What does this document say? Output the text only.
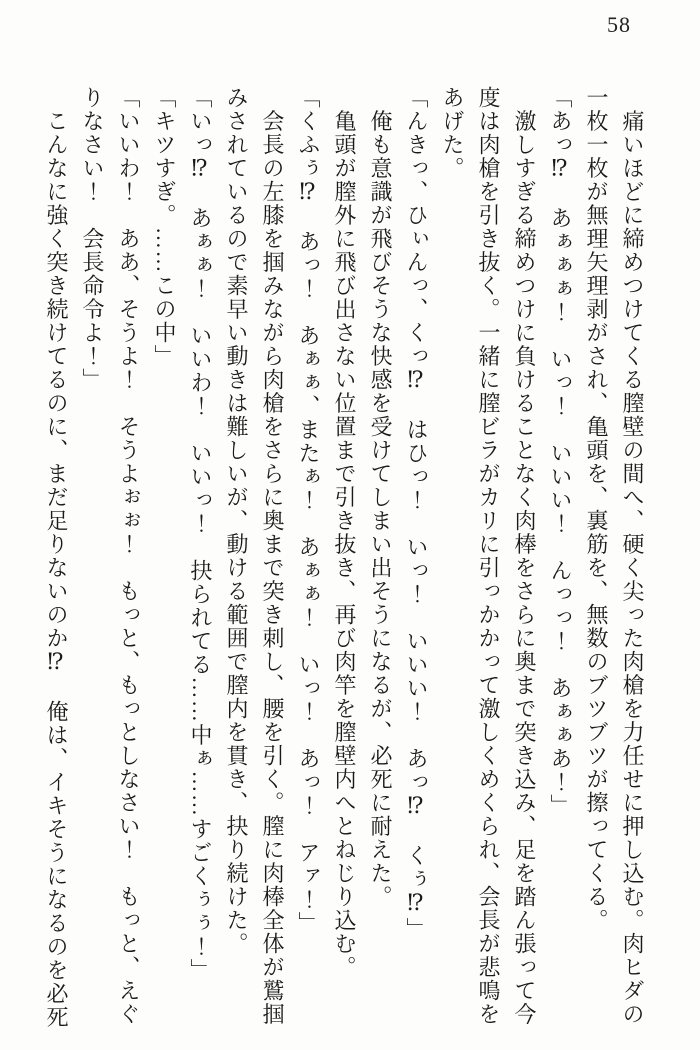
58

　痛いほどに締めつけてくる膣壁の間へ、硬く尖った肉槍を力任せに押し込む。肉ヒダの

一枚一枚が無理矢理剥がされ、亀頭を、裏筋を、無数のブツブツが擦ってくる。

「あっ⁉　あぁぁぁ！　いっ！　いいい！　んっっ！　あぁぁあ！」

　激しすぎる締めつけに負けることなく肉棒をさらに奥まで突き込み、足を踏ん張って今

度は肉槍を引き抜く。一緒に膣ビラがカリに引っかかって激しくめくられ、会長が悲鳴を

あげた。

「んきっ、ひぃんっ、くっ⁉　はひっ！　いっ！　いいい！　あっ⁉　くぅ⁉」

　俺も意識が飛びそうな快感を受けてしまい出そうになるが、必死に耐えた。

　亀頭が膣外に飛び出さない位置まで引き抜き、再び肉竿を膣壁内へとねじり込む。

「くふぅ⁉　あっ！　あぁぁ、またぁ！　あぁぁ！　いっ！　あっ！　アァ！」

　会長の左膝を掴みながら肉槍をさらに奥まで突き刺し、腰を引く。膣に肉棒全体が鷲掴

みされているので素早い動きは難しいが、動ける範囲で膣内を貫き、抉り続けた。

「いっ⁉　あぁぁ！　いいわ！　いいっ！　抉られてる……中ぁ……すごくぅぅ！」

「キツすぎ。……この中」

「いいわ！　ああ、そうよ！　そうよぉぉ！　もっと、もっとしなさい！　もっと、えぐ

りなさい！　会長命令よ！」

　こんなに強く突き続けてるのに、まだ足りないのか⁉　俺は、イキそうになるのを必死
